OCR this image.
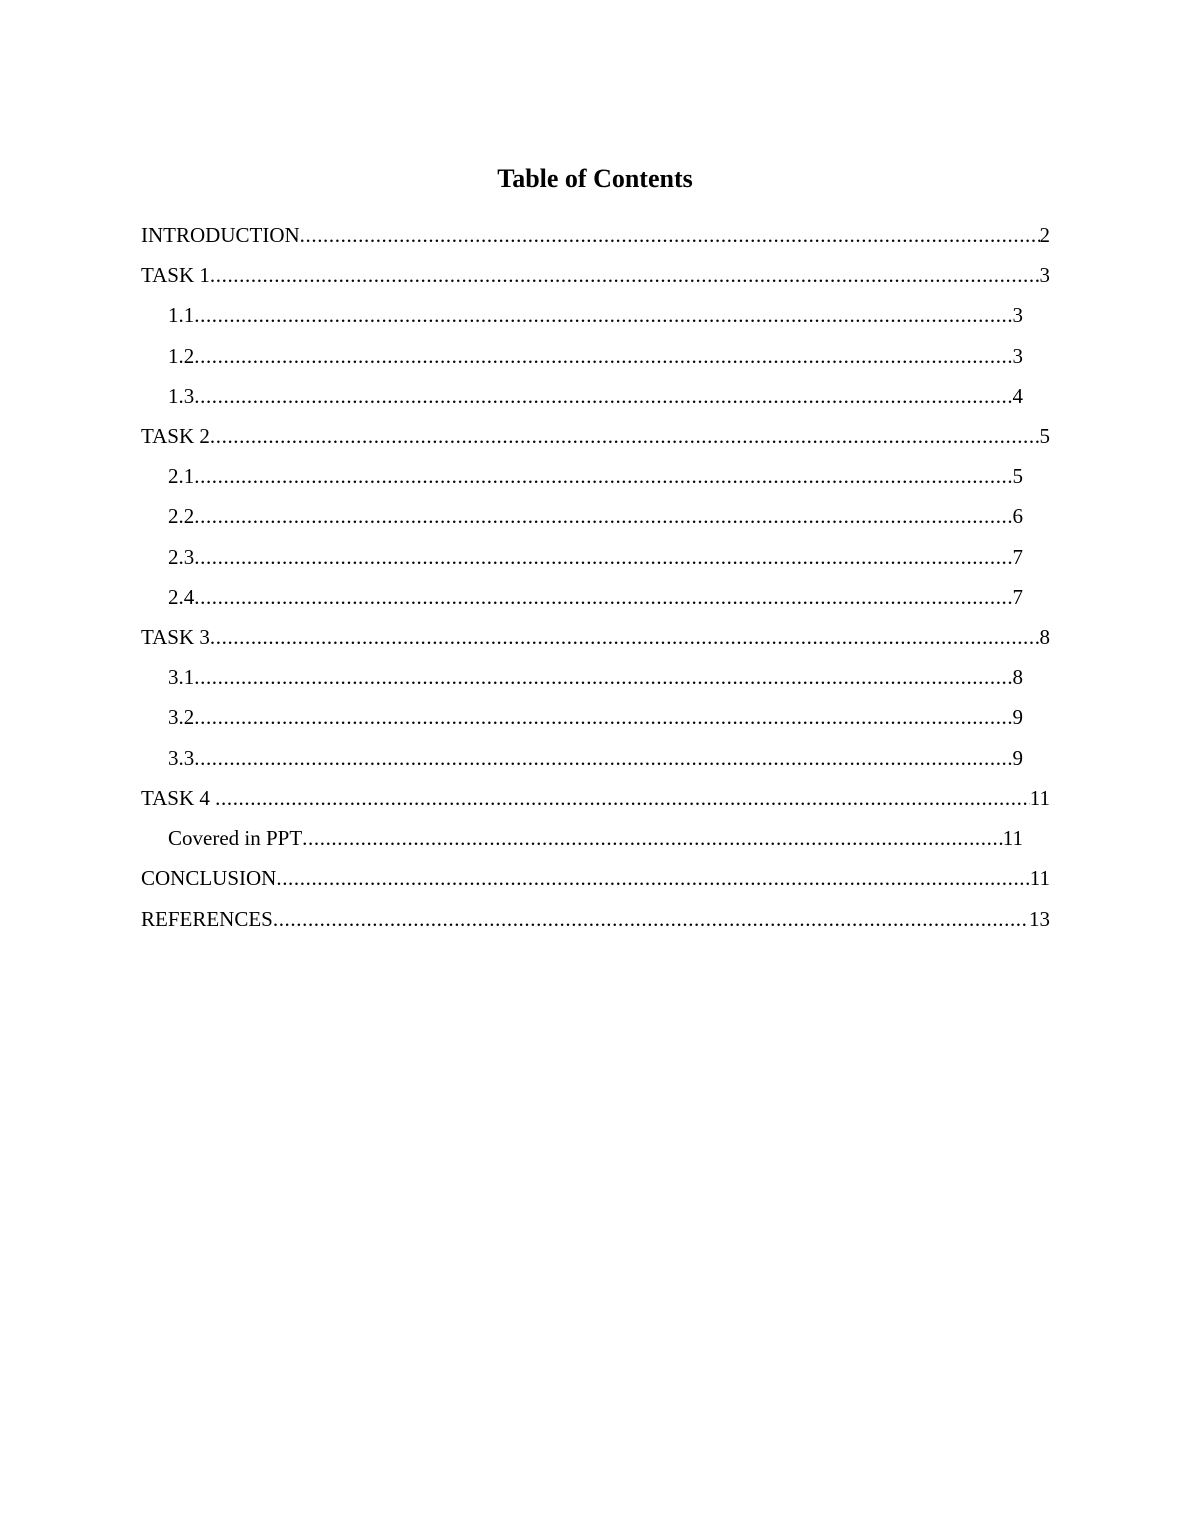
Table of Contents
INTRODUCTION .....	2
TASK 1 .....	3
1.1 .....	3
1.2 .....	3
1.3 .....	4
TASK 2 .....	5
2.1 .....	5
2.2 .....	6
2.3 .....	7
2.4 .....	7
TASK 3 .....	8
3.1 .....	8
3.2 .....	9
3.3 .....	9
TASK 4 .....	11
Covered in PPT .....	11
CONCLUSION .....	11
REFERENCES .....	13
